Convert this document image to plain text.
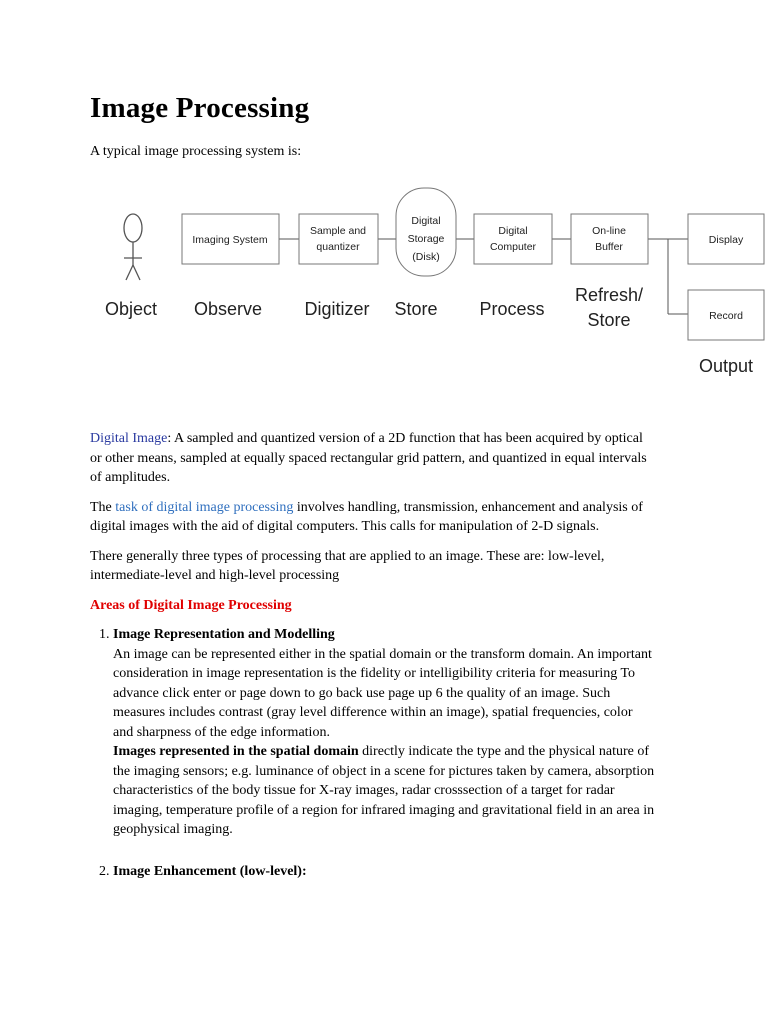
Image Processing

A typical image processing system is:

Imaging System
Sample and
quantizer
Digital
Storage
(Disk)
Digital
Computer
On-line
Buffer
Display
Record
Object Observe Digitizer Store Process
Refresh/
Store
Output

Digital Image: A sampled and quantized version of a 2D function that has been acquired by optical or other means, sampled at equally spaced rectangular grid pattern, and quantized in equal intervals of amplitudes.

The task of digital image processing involves handling, transmission, enhancement and analysis of digital images with the aid of digital computers. This calls for manipulation of 2-D signals.

There generally three types of processing that are applied to an image. These are: low-level, intermediate-level and high-level processing

Areas of Digital Image Processing

1. Image Representation and Modelling
An image can be represented either in the spatial domain or the transform domain. An important consideration in image representation is the fidelity or intelligibility criteria for measuring To advance click enter or page down to go back use page up 6 the quality of an image. Such measures includes contrast (gray level difference within an image), spatial frequencies, color and sharpness of the edge information.

Images represented in the spatial domain directly indicate the type and the physical nature of the imaging sensors; e.g. luminance of object in a scene for pictures taken by camera, absorption characteristics of the body tissue for X-ray images, radar crosssection of a target for radar imaging, temperature profile of a region for infrared imaging and gravitational field in an area in geophysical imaging.

2. Image Enhancement (low-level):
